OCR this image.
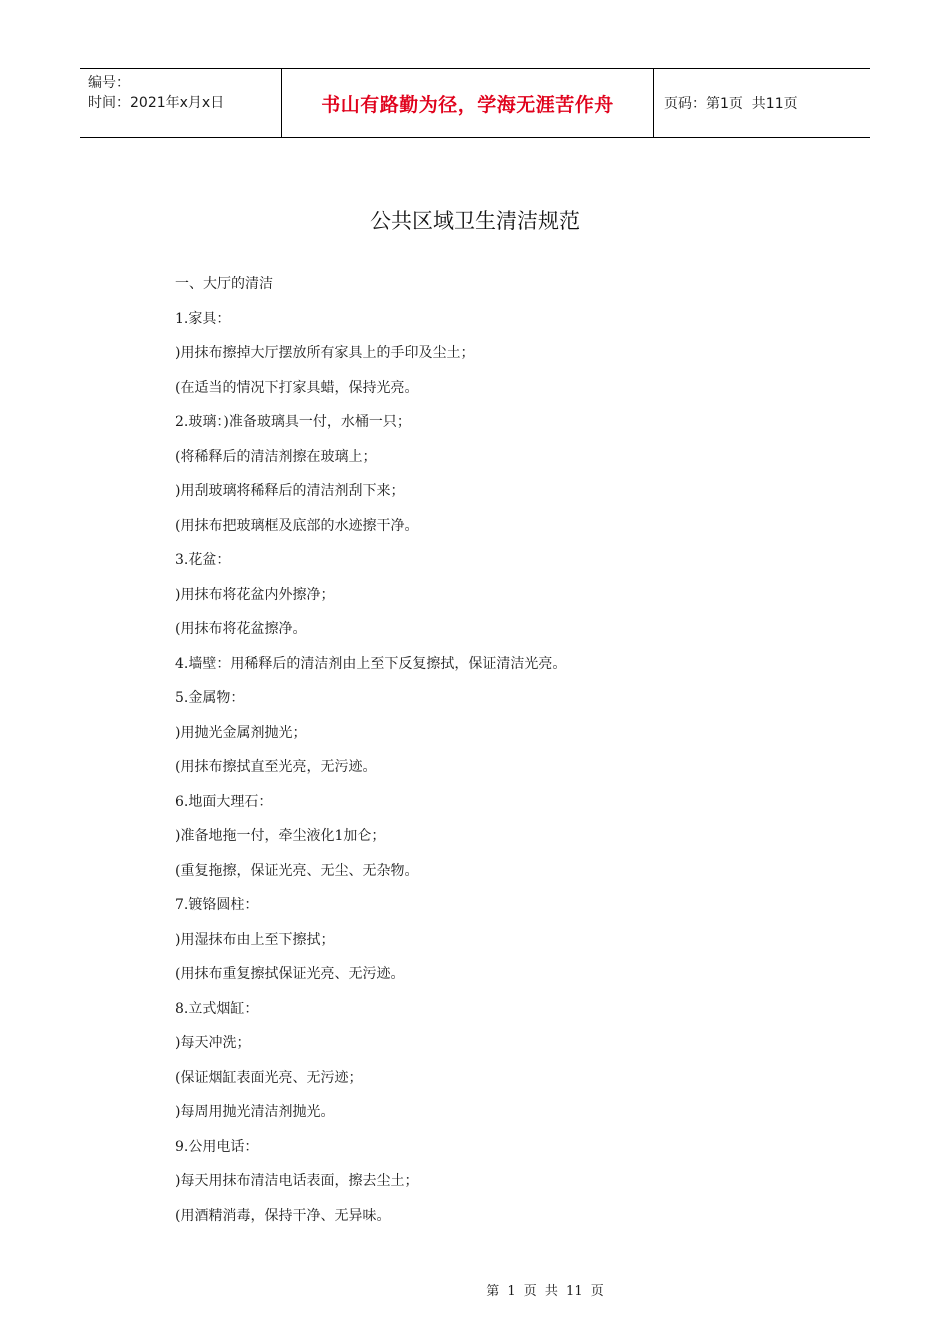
编号：
时间：2021年x月x日	书山有路勤为径，学海无涯苦作舟	页码：第1页  共11页
公共区域卫生清洁规范
一、大厅的清洁
1.家具：
)用抹布擦掉大厅摆放所有家具上的手印及尘土；
(在适当的情况下打家具蜡，保持光亮。
2.玻璃：)准备玻璃具一付，水桶一只；
(将稀释后的清洁剂擦在玻璃上；
)用刮玻璃将稀释后的清洁剂刮下来；
(用抹布把玻璃框及底部的水迹擦干净。
3.花盆：
)用抹布将花盆内外擦净；
(用抹布将花盆擦净。
4.墙壁：用稀释后的清洁剂由上至下反复擦拭，保证清洁光亮。
5.金属物：
)用抛光金属剂抛光；
(用抹布擦拭直至光亮，无污迹。
6.地面大理石：
)准备地拖一付，牵尘液化1加仑；
(重复拖擦，保证光亮、无尘、无杂物。
7.镀铬圆柱：
)用湿抹布由上至下擦拭；
(用抹布重复擦拭保证光亮、无污迹。
8.立式烟缸：
)每天冲洗；
(保证烟缸表面光亮、无污迹；
)每周用抛光清洁剂抛光。
9.公用电话：
)每天用抹布清洁电话表面，擦去尘土；
(用酒精消毒，保持干净、无异味。
第 1 页 共 11 页
